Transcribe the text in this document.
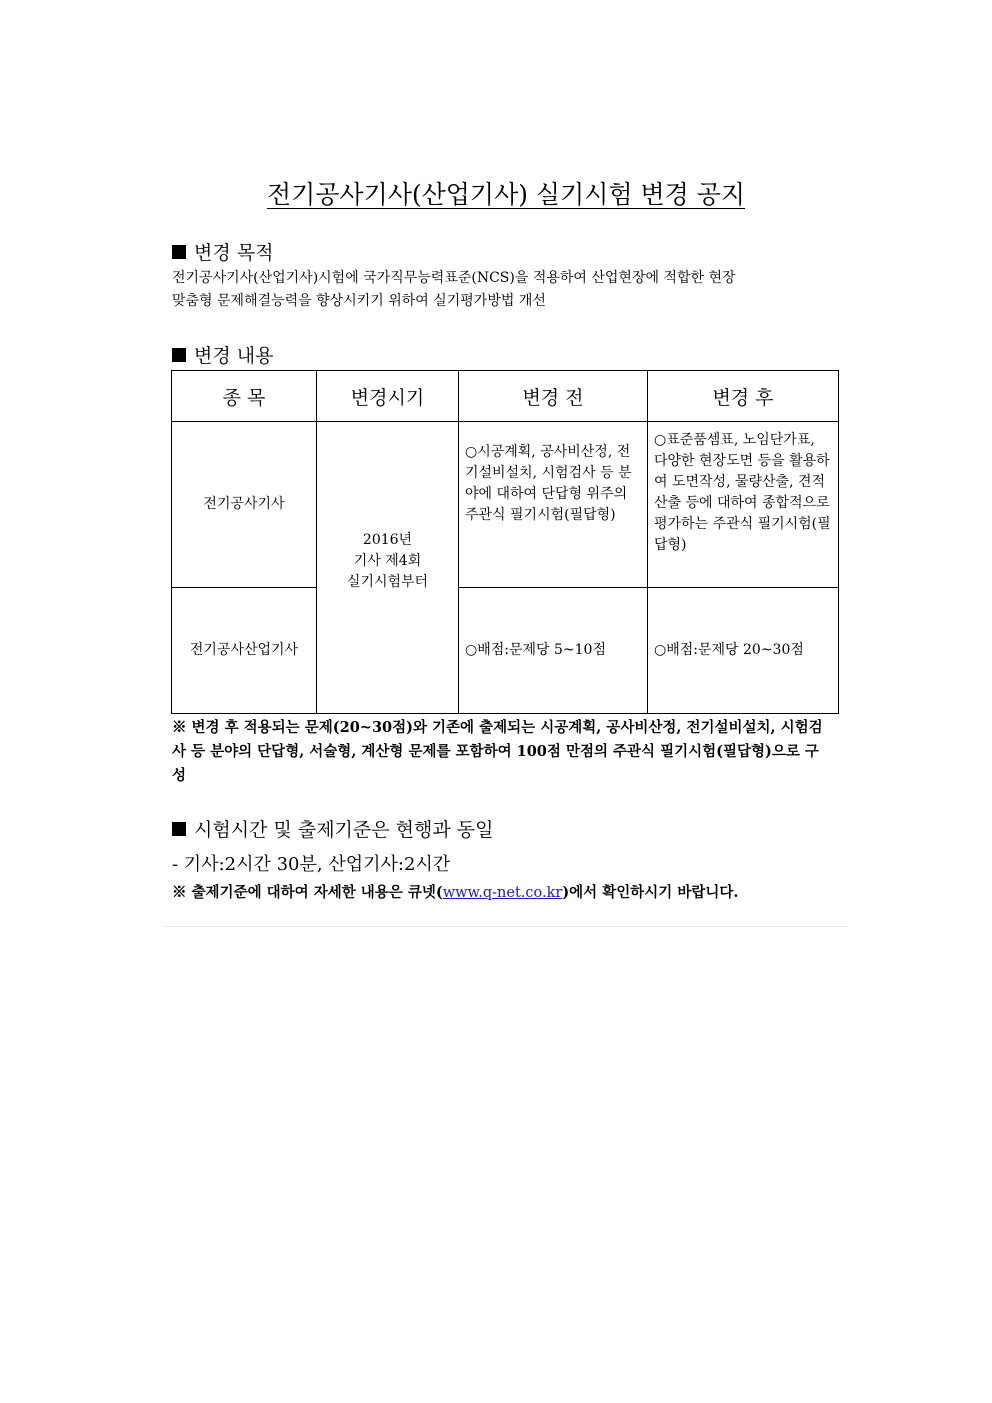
전기공사기사(산업기사) 실기시험 변경 공지
변경 목적

전기공사기사(산업기사)시험에 국가직무능력표준(NCS)을 적용하여 산업현장에 적합한 현장
맞춤형 문제해결능력을 향상시키기 위하여 실기평가방법 개선

변경 내용
종 목	변경시기	변경 전	변경 후
전기공사기사	2016년
기사 제4회
실기시험부터	○시공계획, 공사비산정, 전기설비설치, 시험검사 등 분야에 대하여 단답형 위주의 주관식 필기시험(필답형)	○표준품셈표, 노임단가표, 다양한 현장도면 등을 활용하여 도면작성, 물량산출, 견적산출 등에 대하여 종합적으로 평가하는 주관식 필기시험(필답형)
전기공사산업기사		○배점:문제당 5~10점	○배점:문제당 20~30점

※ 변경 후 적용되는 문제(20~30점)와 기존에 출제되는 시공계획, 공사비산정, 전기설비설치, 시험검사 등 분야의 단답형, 서술형, 계산형 문제를 포함하여 100점 만점의 주관식 필기시험(필답형)으로 구성

시험시간 및 출제기준은 현행과 동일

- 기사:2시간 30분, 산업기사:2시간

※ 출제기준에 대하여 자세한 내용은 큐넷(www.q-net.co.kr)에서 확인하시기 바랍니다.
